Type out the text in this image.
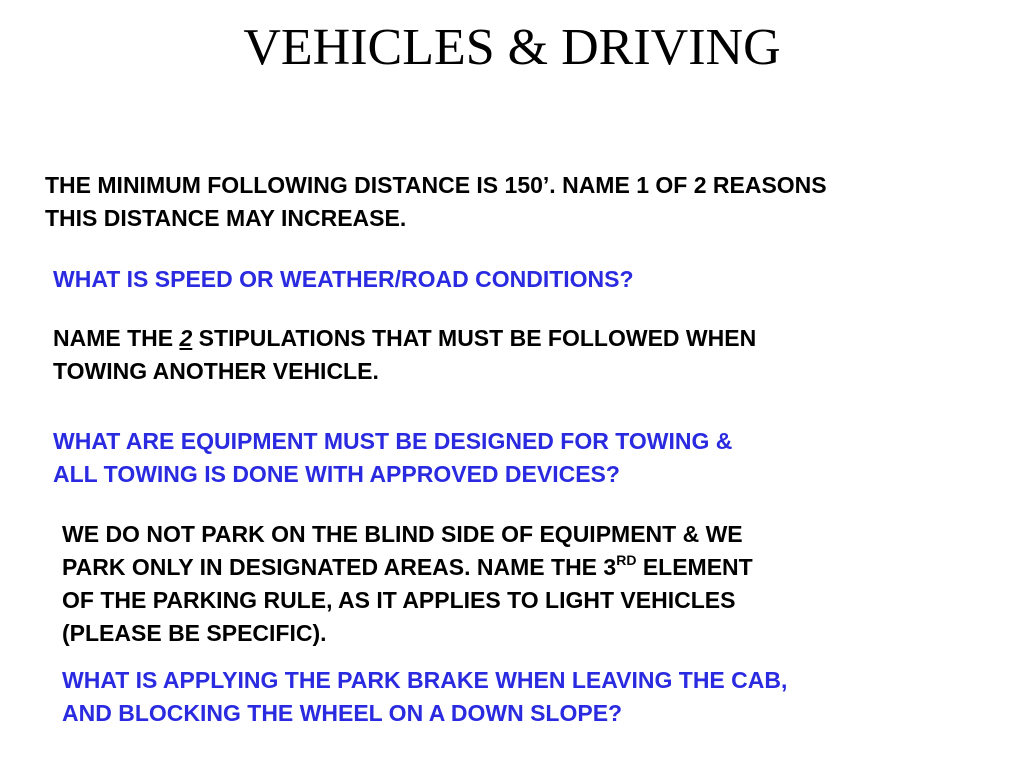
VEHICLES & DRIVING
THE MINIMUM FOLLOWING DISTANCE IS 150’. NAME 1 OF 2 REASONS
THIS DISTANCE MAY INCREASE.
WHAT IS SPEED OR WEATHER/ROAD CONDITIONS?
NAME THE 2 STIPULATIONS THAT MUST BE FOLLOWED WHEN
TOWING ANOTHER VEHICLE.
WHAT ARE EQUIPMENT MUST BE DESIGNED FOR TOWING &
ALL TOWING IS DONE WITH APPROVED DEVICES?
WE DO NOT PARK ON THE BLIND SIDE OF EQUIPMENT & WE
PARK ONLY IN DESIGNATED AREAS. NAME THE 3RD ELEMENT
OF THE PARKING RULE, AS IT APPLIES TO LIGHT VEHICLES
(PLEASE BE SPECIFIC).
WHAT IS APPLYING THE PARK BRAKE WHEN LEAVING THE CAB,
AND BLOCKING THE WHEEL ON A DOWN SLOPE?
